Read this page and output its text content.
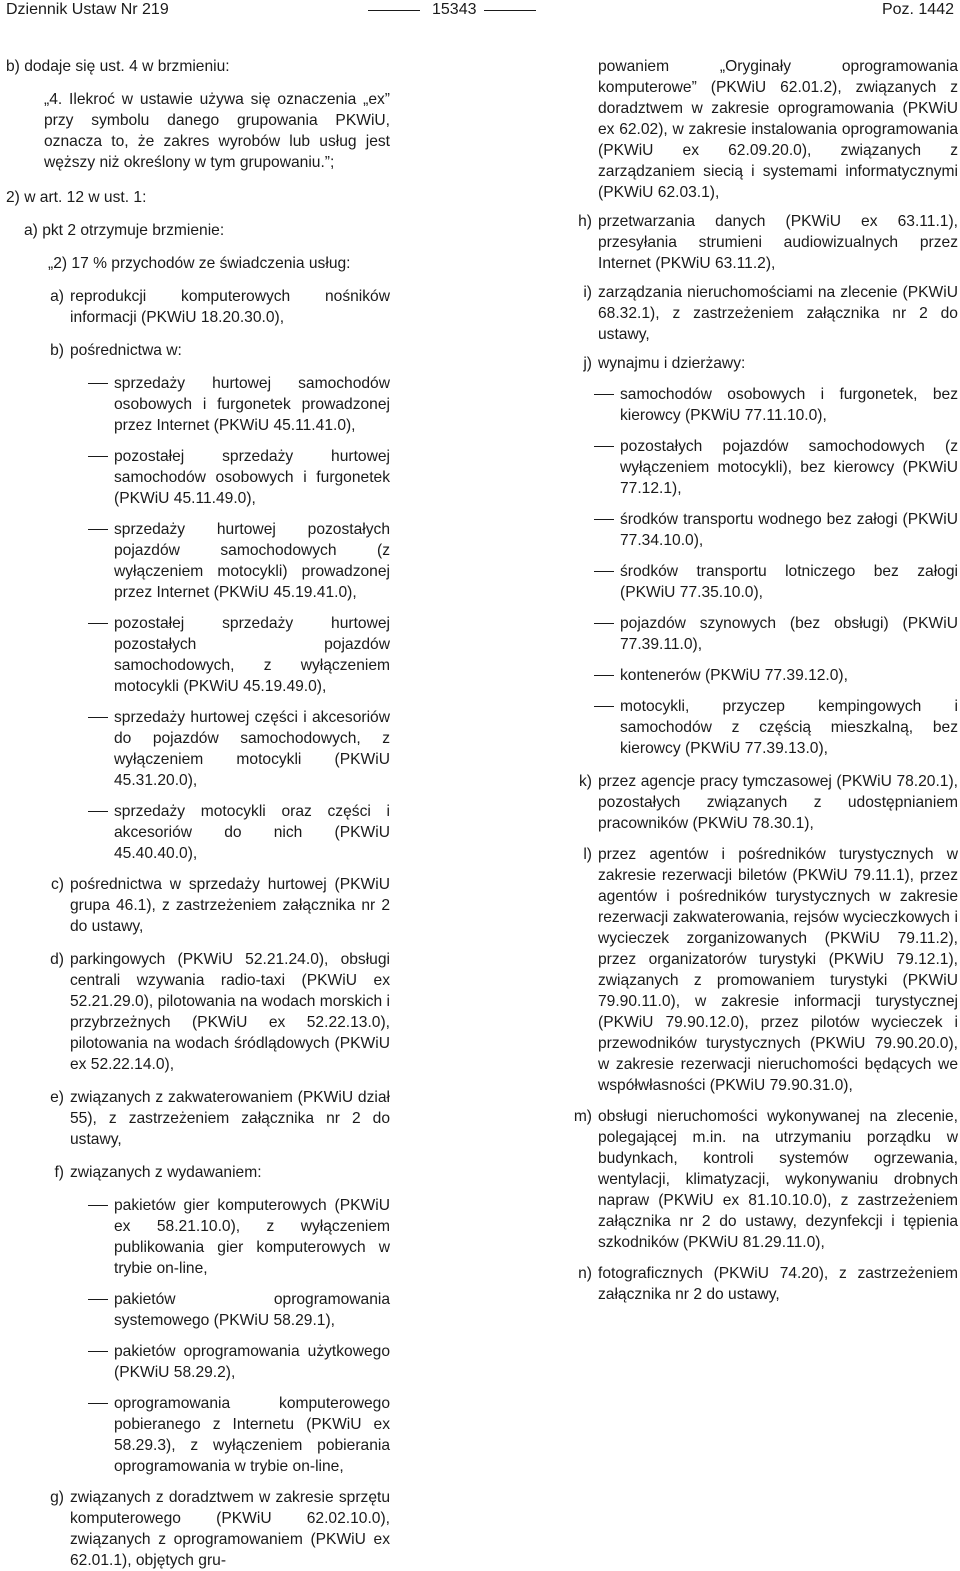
Dziennik Ustaw Nr 219	15343	Poz. 1442
b) dodaje się ust. 4 w brzmieniu:
„4. Ilekroć w ustawie używa się oznaczenia „ex” przy symbolu danego grupowania PKWiU, oznacza to, że zakres wyrobów lub usług jest węższy niż określony w tym grupowaniu.”;
2) w art. 12 w ust. 1:
a) pkt 2 otrzymuje brzmienie:
„2) 17 % przychodów ze świadczenia usług:
a) reprodukcji komputerowych nośników informacji (PKWiU 18.20.30.0),
b) pośrednictwa w:
sprzedaży hurtowej samochodów osobowych i furgonetek prowadzonej przez Internet (PKWiU 45.11.41.0),
pozostałej sprzedaży hurtowej samochodów osobowych i furgonetek (PKWiU 45.11.49.0),
sprzedaży hurtowej pozostałych pojazdów samochodowych (z wyłączeniem motocykli) prowadzonej przez Internet (PKWiU 45.19.41.0),
pozostałej sprzedaży hurtowej pozostałych pojazdów samochodowych, z wyłączeniem motocykli (PKWiU 45.19.49.0),
sprzedaży hurtowej części i akcesoriów do pojazdów samochodowych, z wyłączeniem motocykli (PKWiU 45.31.20.0),
sprzedaży motocykli oraz części i akcesoriów do nich (PKWiU 45.40.40.0),
c) pośrednictwa w sprzedaży hurtowej (PKWiU grupa 46.1), z zastrzeżeniem załącznika nr 2 do ustawy,
d) parkingowych (PKWiU 52.21.24.0), obsługi centrali wzywania radio-taxi (PKWiU ex 52.21.29.0), pilotowania na wodach morskich i przybrzeżnych (PKWiU ex 52.22.13.0), pilotowania na wodach śródlądowych (PKWiU ex 52.22.14.0),
e) związanych z zakwaterowaniem (PKWiU dział 55), z zastrzeżeniem załącznika nr 2 do ustawy,
f) związanych z wydawaniem:
pakietów gier komputerowych (PKWiU ex 58.21.10.0), z wyłączeniem publikowania gier komputerowych w trybie on-line,
pakietów oprogramowania systemowego (PKWiU 58.29.1),
pakietów oprogramowania użytkowego (PKWiU 58.29.2),
oprogramowania komputerowego pobieranego z Internetu (PKWiU ex 58.29.3), z wyłączeniem pobierania oprogramowania w trybie on-line,
g) związanych z doradztwem w zakresie sprzętu komputerowego (PKWiU 62.02.10.0), związanych z oprogramowaniem (PKWiU ex 62.01.1), objętych gru-
powaniem „Oryginały oprogramowania komputerowe” (PKWiU 62.01.2), związanych z doradztwem w zakresie oprogramowania (PKWiU ex 62.02), w zakresie instalowania oprogramowania (PKWiU ex 62.09.20.0), związanych z zarządzaniem siecią i systemami informatycznymi (PKWiU 62.03.1),
h) przetwarzania danych (PKWiU ex 63.11.1), przesyłania strumieni audiowizualnych przez Internet (PKWiU 63.11.2),
i) zarządzania nieruchomościami na zlecenie (PKWiU 68.32.1), z zastrzeżeniem załącznika nr 2 do ustawy,
j) wynajmu i dzierżawy:
samochodów osobowych i furgonetek, bez kierowcy (PKWiU 77.11.10.0),
pozostałych pojazdów samochodowych (z wyłączeniem motocykli), bez kierowcy (PKWiU 77.12.1),
środków transportu wodnego bez załogi (PKWiU 77.34.10.0),
środków transportu lotniczego bez załogi (PKWiU 77.35.10.0),
pojazdów szynowych (bez obsługi) (PKWiU 77.39.11.0),
kontenerów (PKWiU 77.39.12.0),
motocykli, przyczep kempingowych i samochodów z częścią mieszkalną, bez kierowcy (PKWiU 77.39.13.0),
k) przez agencje pracy tymczasowej (PKWiU 78.20.1), pozostałych związanych z udostępnianiem pracowników (PKWiU 78.30.1),
l) przez agentów i pośredników turystycznych w zakresie rezerwacji biletów (PKWiU 79.11.1), przez agentów i pośredników turystycznych w zakresie rezerwacji zakwaterowania, rejsów wycieczkowych i wycieczek zorganizowanych (PKWiU 79.11.2), przez organizatorów turystyki (PKWiU 79.12.1), związanych z promowaniem turystyki (PKWiU 79.90.11.0), w zakresie informacji turystycznej (PKWiU 79.90.12.0), przez pilotów wycieczek i przewodników turystycznych (PKWiU 79.90.20.0), w zakresie rezerwacji nieruchomości będących we współwłasności (PKWiU 79.90.31.0),
m) obsługi nieruchomości wykonywanej na zlecenie, polegającej m.in. na utrzymaniu porządku w budynkach, kontroli systemów ogrzewania, wentylacji, klimatyzacji, wykonywaniu drobnych napraw (PKWiU ex 81.10.10.0), z zastrzeżeniem załącznika nr 2 do ustawy, dezynfekcji i tępienia szkodników (PKWiU 81.29.11.0),
n) fotograficznych (PKWiU 74.20), z zastrzeżeniem załącznika nr 2 do ustawy,
